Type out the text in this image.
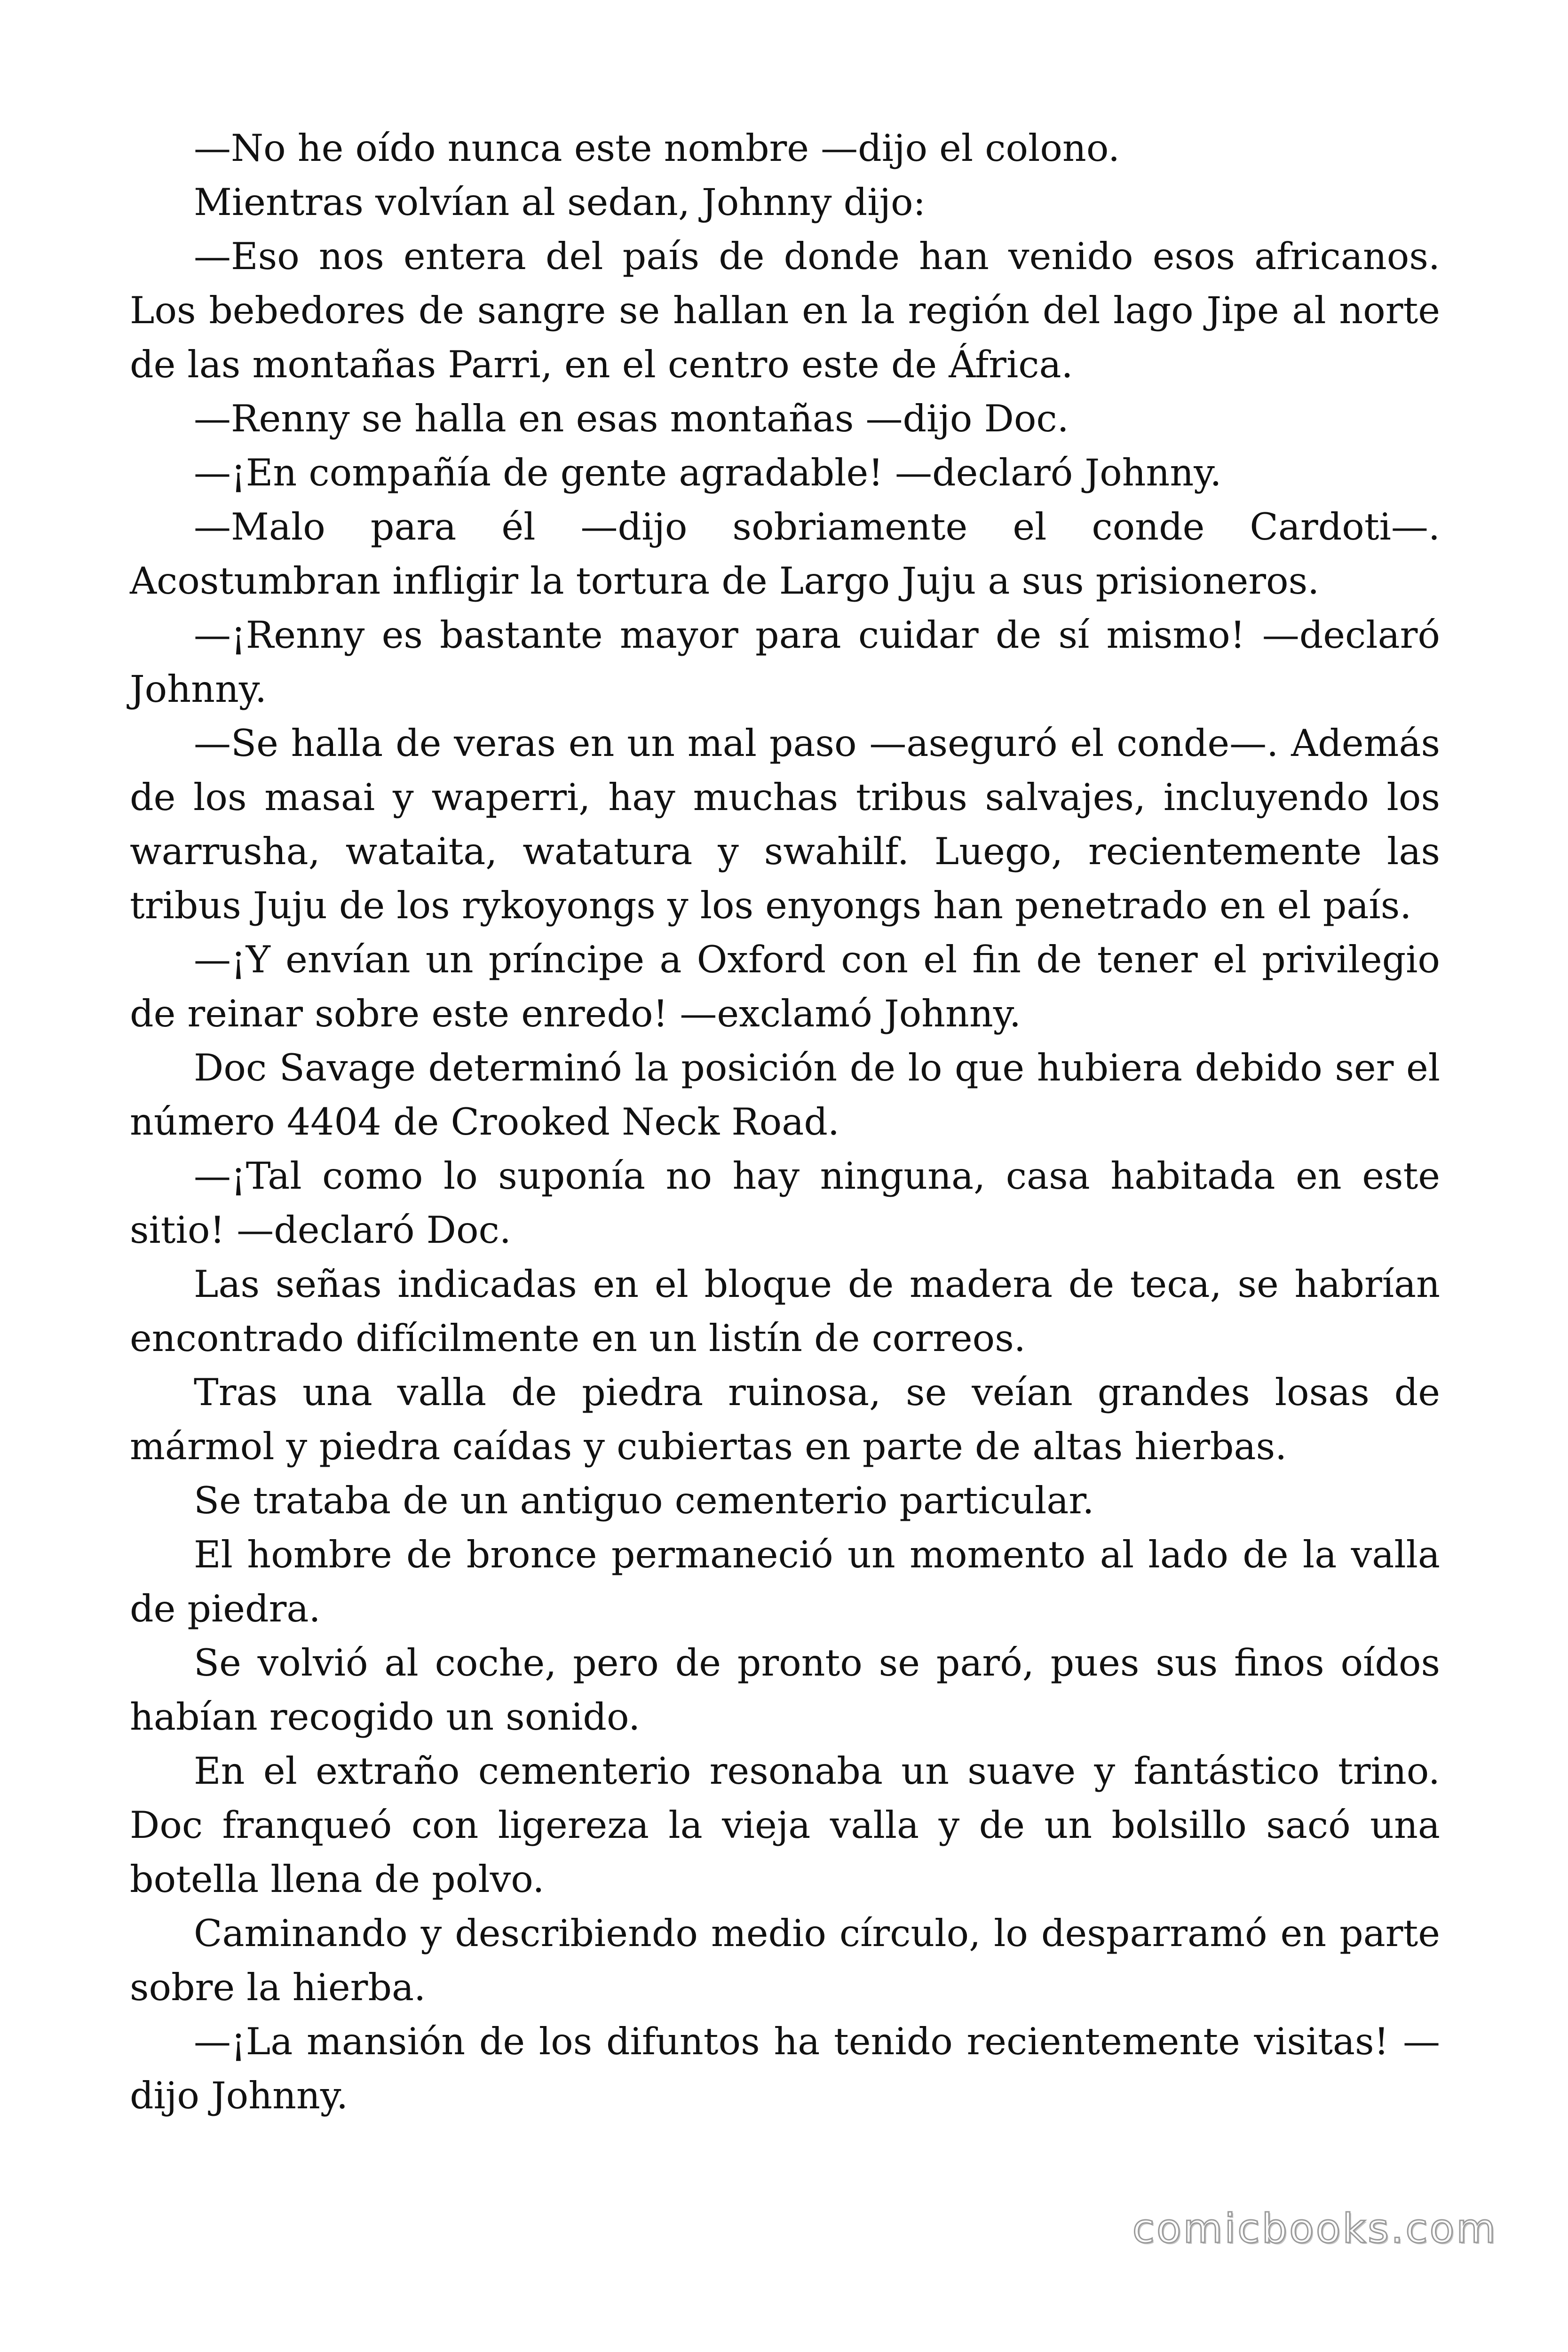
—No he oído nunca este nombre —dijo el colono.

Mientras volvían al sedan, Johnny dijo:

—Eso nos entera del país de donde han venido esos africanos. Los bebedores de sangre se hallan en la región del lago Jipe al norte de las montañas Parri, en el centro este de África.

—Renny se halla en esas montañas —dijo Doc.

—¡En compañía de gente agradable! —declaró Johnny.

—Malo para él —dijo sobriamente el conde Cardoti—. Acostumbran infligir la tortura de Largo Juju a sus prisioneros.

—¡Renny es bastante mayor para cuidar de sí mismo! —declaró Johnny.

—Se halla de veras en un mal paso —aseguró el conde—. Además de los masai y waperri, hay muchas tribus salvajes, incluyendo los warrusha, wataita, watatura y swahilf. Luego, recientemente las tribus Juju de los rykoyongs y los enyongs han penetrado en el país.

—¡Y envían un príncipe a Oxford con el fin de tener el privilegio de reinar sobre este enredo! —exclamó Johnny.

Doc Savage determinó la posición de lo que hubiera debido ser el número 4404 de Crooked Neck Road.

—¡Tal como lo suponía no hay ninguna, casa habitada en este sitio! —declaró Doc.

Las señas indicadas en el bloque de madera de teca, se habrían encontrado difícilmente en un listín de correos.

Tras una valla de piedra ruinosa, se veían grandes losas de mármol y piedra caídas y cubiertas en parte de altas hierbas.

Se trataba de un antiguo cementerio particular.

El hombre de bronce permaneció un momento al lado de la valla de piedra.

Se volvió al coche, pero de pronto se paró, pues sus finos oídos habían recogido un sonido.

En el extraño cementerio resonaba un suave y fantástico trino. Doc franqueó con ligereza la vieja valla y de un bolsillo sacó una botella llena de polvo.

Caminando y describiendo medio círculo, lo desparramó en parte sobre la hierba.

—¡La mansión de los difuntos ha tenido recientemente visitas! —dijo Johnny.

comicbooks.com
